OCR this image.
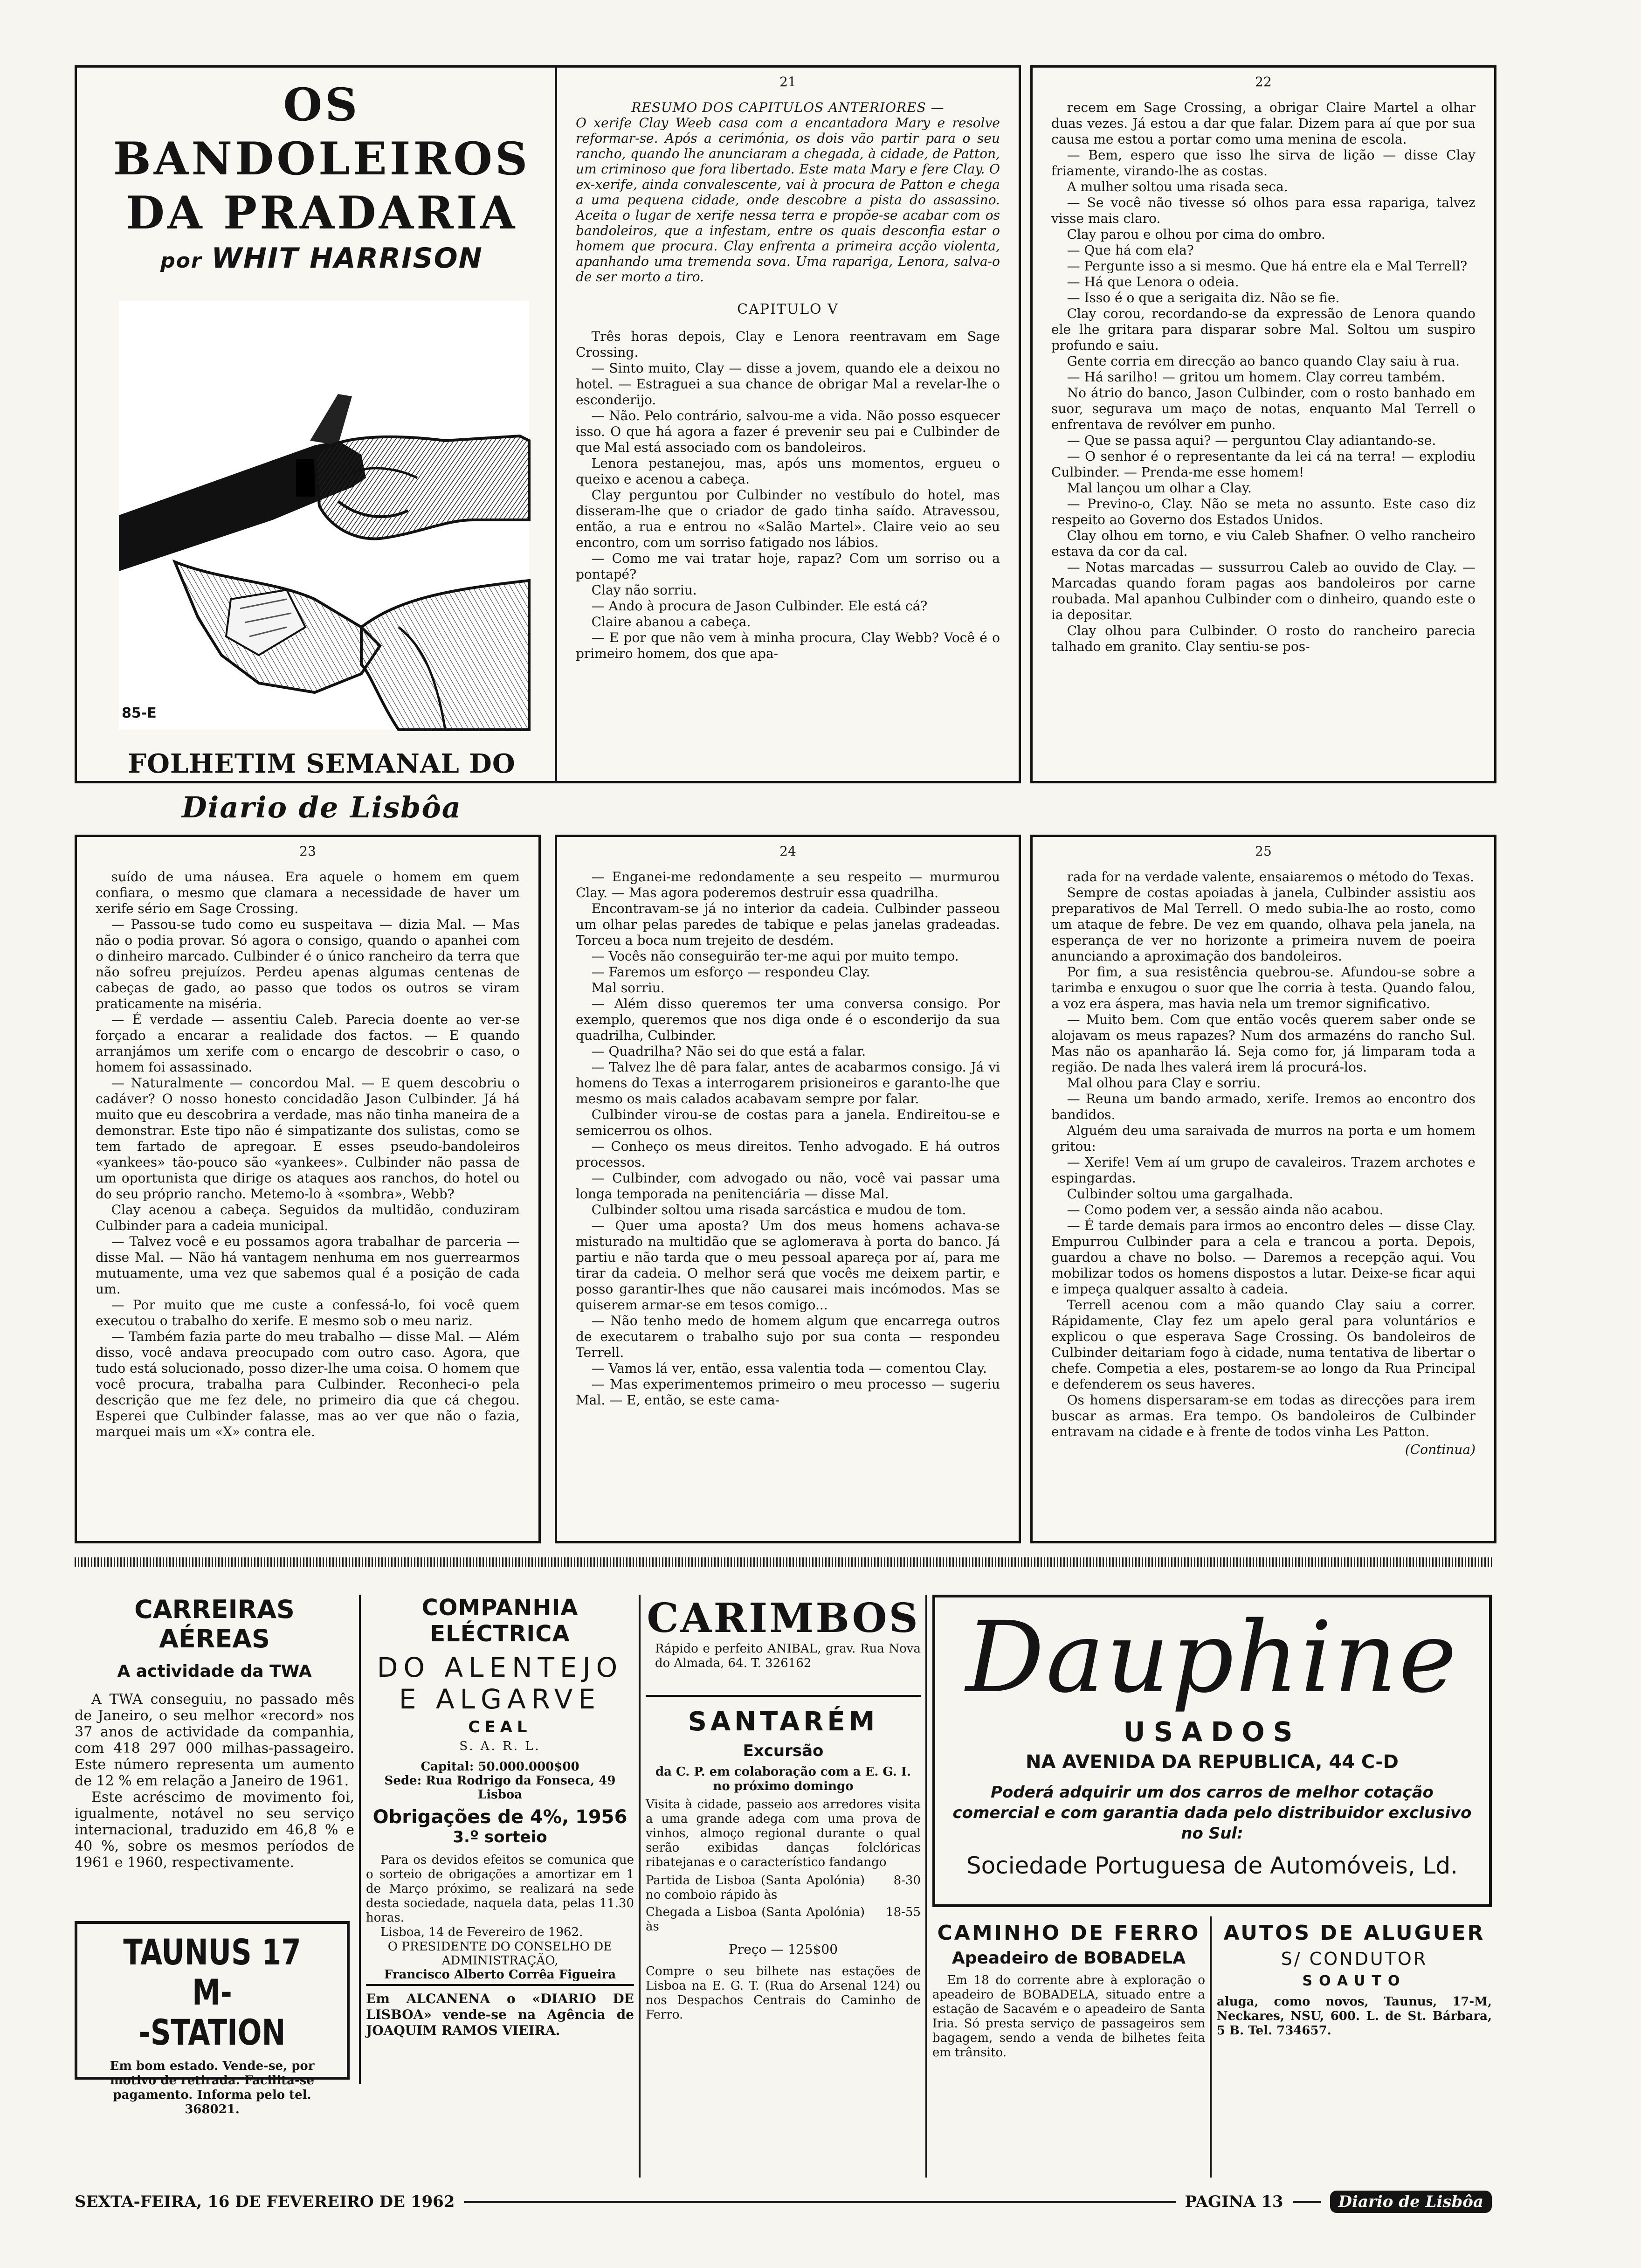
OS BANDOLEIROS
DA PRADARIA
por WHIT HARRISON
85-E
FOLHETIM SEMANAL DO
Diario de Lisbôa
21
RESUMO DOS CAPITULOS ANTERIORES —
O xerife Clay Weeb casa com a encantadora Mary e resolve reformar-se. Após a cerimónia, os dois vão partir para o seu rancho, quando lhe anunciaram a chegada, à cidade, de Patton, um criminoso que fora libertado. Este mata Mary e fere Clay. O ex-xerife, ainda convalescente, vai à procura de Patton e chega a uma pequena cidade, onde descobre a pista do assassino. Aceita o lugar de xerife nessa terra e propõe-se acabar com os bandoleiros, que a infestam, entre os quais desconfia estar o homem que procura. Clay enfrenta a primeira acção violenta, apanhando uma tremenda sova. Uma rapariga, Lenora, salva-o de ser morto a tiro.
CAPITULO V

Três horas depois, Clay e Lenora reentravam em Sage Crossing.

— Sinto muito, Clay — disse a jovem, quando ele a deixou no hotel. — Estraguei a sua chance de obrigar Mal a revelar-lhe o esconderijo.

— Não. Pelo contrário, salvou-me a vida. Não posso esquecer isso. O que há agora a fazer é prevenir seu pai e Culbinder de que Mal está associado com os bandoleiros.

Lenora pestanejou, mas, após uns momentos, ergueu o queixo e acenou a cabeça.

Clay perguntou por Culbinder no vestíbulo do hotel, mas disseram-lhe que o criador de gado tinha saído. Atravessou, então, a rua e entrou no «Salão Martel». Claire veio ao seu encontro, com um sorriso fatigado nos lábios.

— Como me vai tratar hoje, rapaz? Com um sorriso ou a pontapé?

Clay não sorriu.

— Ando à procura de Jason Culbinder. Ele está cá?

Claire abanou a cabeça.

— E por que não vem à minha procura, Clay Webb? Você é o primeiro homem, dos que apa-

22

recem em Sage Crossing, a obrigar Claire Martel a olhar duas vezes. Já estou a dar que falar. Dizem para aí que por sua causa me estou a portar como uma menina de escola.

— Bem, espero que isso lhe sirva de lição — disse Clay friamente, virando-lhe as costas.

A mulher soltou uma risada seca.

— Se você não tivesse só olhos para essa rapariga, talvez visse mais claro.

Clay parou e olhou por cima do ombro.

— Que há com ela?

— Pergunte isso a si mesmo. Que há entre ela e Mal Terrell?

— Há que Lenora o odeia.

— Isso é o que a serigaita diz. Não se fie.

Clay corou, recordando-se da expressão de Lenora quando ele lhe gritara para disparar sobre Mal. Soltou um suspiro profundo e saiu.

Gente corria em direcção ao banco quando Clay saiu à rua.

— Há sarilho! — gritou um homem. Clay correu também.

No átrio do banco, Jason Culbinder, com o rosto banhado em suor, segurava um maço de notas, enquanto Mal Terrell o enfrentava de revólver em punho.

— Que se passa aqui? — perguntou Clay adiantando-se.

— O senhor é o representante da lei cá na terra! — explodiu Culbinder. — Prenda-me esse homem!

Mal lançou um olhar a Clay.

— Previno-o, Clay. Não se meta no assunto. Este caso diz respeito ao Governo dos Estados Unidos.

Clay olhou em torno, e viu Caleb Shafner. O velho rancheiro estava da cor da cal.

— Notas marcadas — sussurrou Caleb ao ouvido de Clay. — Marcadas quando foram pagas aos bandoleiros por carne roubada. Mal apanhou Culbinder com o dinheiro, quando este o ia depositar.

Clay olhou para Culbinder. O rosto do rancheiro parecia talhado em granito. Clay sentiu-se pos-

23

suído de uma náusea. Era aquele o homem em quem confiara, o mesmo que clamara a necessidade de haver um xerife sério em Sage Crossing.

— Passou-se tudo como eu suspeitava — dizia Mal. — Mas não o podia provar. Só agora o consigo, quando o apanhei com o dinheiro marcado. Culbinder é o único rancheiro da terra que não sofreu prejuízos. Perdeu apenas algumas centenas de cabeças de gado, ao passo que todos os outros se viram praticamente na miséria.

— É verdade — assentiu Caleb. Parecia doente ao ver-se forçado a encarar a realidade dos factos. — E quando arranjámos um xerife com o encargo de descobrir o caso, o homem foi assassinado.

— Naturalmente — concordou Mal. — E quem descobriu o cadáver? O nosso honesto concidadão Jason Culbinder. Já há muito que eu descobrira a verdade, mas não tinha maneira de a demonstrar. Este tipo não é simpatizante dos sulistas, como se tem fartado de apregoar. E esses pseudo-bandoleiros «yankees» tão-pouco são «yankees». Culbinder não passa de um oportunista que dirige os ataques aos ranchos, do hotel ou do seu próprio rancho. Metemo-lo à «sombra», Webb?

Clay acenou a cabeça. Seguidos da multidão, conduziram Culbinder para a cadeia municipal.

— Talvez você e eu possamos agora trabalhar de parceria — disse Mal. — Não há vantagem nenhuma em nos guerrearmos mutuamente, uma vez que sabemos qual é a posição de cada um.

— Por muito que me custe a confessá-lo, foi você quem executou o trabalho do xerife. E mesmo sob o meu nariz.

— Também fazia parte do meu trabalho — disse Mal. — Além disso, você andava preocupado com outro caso. Agora, que tudo está solucionado, posso dizer-lhe uma coisa. O homem que você procura, trabalha para Culbinder. Reconheci-o pela descrição que me fez dele, no primeiro dia que cá chegou. Esperei que Culbinder falasse, mas ao ver que não o fazia, marquei mais um «X» contra ele.

24

— Enganei-me redondamente a seu respeito — murmurou Clay. — Mas agora poderemos destruir essa quadrilha.

Encontravam-se já no interior da cadeia. Culbinder passeou um olhar pelas paredes de tabique e pelas janelas gradeadas. Torceu a boca num trejeito de desdém.

— Vocês não conseguirão ter-me aqui por muito tempo.

— Faremos um esforço — respondeu Clay.

Mal sorriu.

— Além disso queremos ter uma conversa consigo. Por exemplo, queremos que nos diga onde é o esconderijo da sua quadrilha, Culbinder.

— Quadrilha? Não sei do que está a falar.

— Talvez lhe dê para falar, antes de acabarmos consigo. Já vi homens do Texas a interrogarem prisioneiros e garanto-lhe que mesmo os mais calados acabavam sempre por falar.

Culbinder virou-se de costas para a janela. Endireitou-se e semicerrou os olhos.

— Conheço os meus direitos. Tenho advogado. E há outros processos.

— Culbinder, com advogado ou não, você vai passar uma longa temporada na penitenciária — disse Mal.

Culbinder soltou uma risada sarcástica e mudou de tom.

— Quer uma aposta? Um dos meus homens achava-se misturado na multidão que se aglomerava à porta do banco. Já partiu e não tarda que o meu pessoal apareça por aí, para me tirar da cadeia. O melhor será que vocês me deixem partir, e posso garantir-lhes que não causarei mais incómodos. Mas se quiserem armar-se em tesos comigo...

— Não tenho medo de homem algum que encarrega outros de executarem o trabalho sujo por sua conta — respondeu Terrell.

— Vamos lá ver, então, essa valentia toda — comentou Clay.

— Mas experimentemos primeiro o meu processo — sugeriu Mal. — E, então, se este cama-

25

rada for na verdade valente, ensaiaremos o método do Texas.

Sempre de costas apoiadas à janela, Culbinder assistiu aos preparativos de Mal Terrell. O medo subia-lhe ao rosto, como um ataque de febre. De vez em quando, olhava pela janela, na esperança de ver no horizonte a primeira nuvem de poeira anunciando a aproximação dos bandoleiros.

Por fim, a sua resistência quebrou-se. Afundou-se sobre a tarimba e enxugou o suor que lhe corria à testa. Quando falou, a voz era áspera, mas havia nela um tremor significativo.

— Muito bem. Com que então vocês querem saber onde se alojavam os meus rapazes? Num dos armazéns do rancho Sul. Mas não os apanharão lá. Seja como for, já limparam toda a região. De nada lhes valerá irem lá procurá-los.

Mal olhou para Clay e sorriu.

— Reuna um bando armado, xerife. Iremos ao encontro dos bandidos.

Alguém deu uma saraivada de murros na porta e um homem gritou:

— Xerife! Vem aí um grupo de cavaleiros. Trazem archotes e espingardas.

Culbinder soltou uma gargalhada.

— Como podem ver, a sessão ainda não acabou.

— É tarde demais para irmos ao encontro deles — disse Clay. Empurrou Culbinder para a cela e trancou a porta. Depois, guardou a chave no bolso. — Daremos a recepção aqui. Vou mobilizar todos os homens dispostos a lutar. Deixe-se ficar aqui e impeça qualquer assalto à cadeia.

Terrell acenou com a mão quando Clay saiu a correr. Rápidamente, Clay fez um apelo geral para voluntários e explicou o que esperava Sage Crossing. Os bandoleiros de Culbinder deitariam fogo à cidade, numa tentativa de libertar o chefe. Competia a eles, postarem-se ao longo da Rua Principal e defenderem os seus haveres.

Os homens dispersaram-se em todas as direcções para irem buscar as armas. Era tempo. Os bandoleiros de Culbinder entravam na cidade e à frente de todos vinha Les Patton.

(Continua)
CARREIRAS AÉREAS
A actividade da TWA

A TWA conseguiu, no passado mês de Janeiro, o seu melhor «record» nos 37 anos de actividade da companhia, com 418 297 000 milhas-passageiro. Este número representa um aumento de 12 % em relação a Janeiro de 1961.

Este acréscimo de movimento foi, igualmente, notável no seu serviço internacional, traduzido em 46,8 % e 40 %, sobre os mesmos períodos de 1961 e 1960, respectivamente.

TAUNUS 17 M-
-STATION
Em bom estado. Vende-se, por motivo de retirada. Facilita-se pagamento. Informa pelo tel. 368021.
COMPANHIA ELÉCTRICA
DO ALENTEJO
E ALGARVE
CEAL
S. A. R. L.
Capital: 50.000.000$00
Sede: Rua Rodrigo da Fonseca, 49 Lisboa
Obrigações de 4%, 1956
3.º sorteio

Para os devidos efeitos se comunica que o sorteio de obrigações a amortizar em 1 de Março próximo, se realizará na sede desta sociedade, naquela data, pelas 11.30 horas.

Lisboa, 14 de Fevereiro de 1962.

O PRESIDENTE DO CONSELHO DE ADMINISTRAÇÃO,
Francisco Alberto Corrêa Figueira
Em ALCANENA o «DIARIO DE LISBOA» vende-se na Agência de JOAQUIM RAMOS VIEIRA.
CARIMBOS
Rápido e perfeito ANIBAL, grav. Rua Nova do Almada, 64. T. 326162
SANTARÉM
Excursão
da C. P. em colaboração com a E. G. I. no próximo domingo
Visita à cidade, passeio aos arredores visita a uma grande adega com uma prova de vinhos, almoço regional durante o qual serão exibidas danças folclóricas ribatejanas e o característico fandango
Partida de Lisboa (Santa Apolónia) no comboio rápido às
8-30
Chegada a Lisboa (Santa Apolónia) às
18-55
Preço — 125$00
Compre o seu bilhete nas estações de Lisboa na E. G. T. (Rua do Arsenal 124) ou nos Despachos Centrais do Caminho de Ferro.
Dauphine
USADOS
NA AVENIDA DA REPUBLICA, 44 C-D
Poderá adquirir um dos carros de melhor cotação comercial e com garantia dada pelo distribuidor exclusivo no Sul:
Sociedade Portuguesa de Automóveis, Ld.
CAMINHO DE FERRO
Apeadeiro de BOBADELA

Em 18 do corrente abre à exploração o apeadeiro de BOBADELA, situado entre a estação de Sacavém e o apeadeiro de Santa Iria. Só presta serviço de passageiros sem bagagem, sendo a venda de bilhetes feita em trânsito.

AUTOS DE ALUGUER
S/ CONDUTOR
SOAUTO
aluga, como novos, Taunus, 17-M, Neckares, NSU, 600. L. de St. Bárbara, 5 B. Tel. 734657.
SEXTA-FEIRA, 16 DE FEVEREIRO DE 1962	PAGINA 13	Diario de Lisbôa
